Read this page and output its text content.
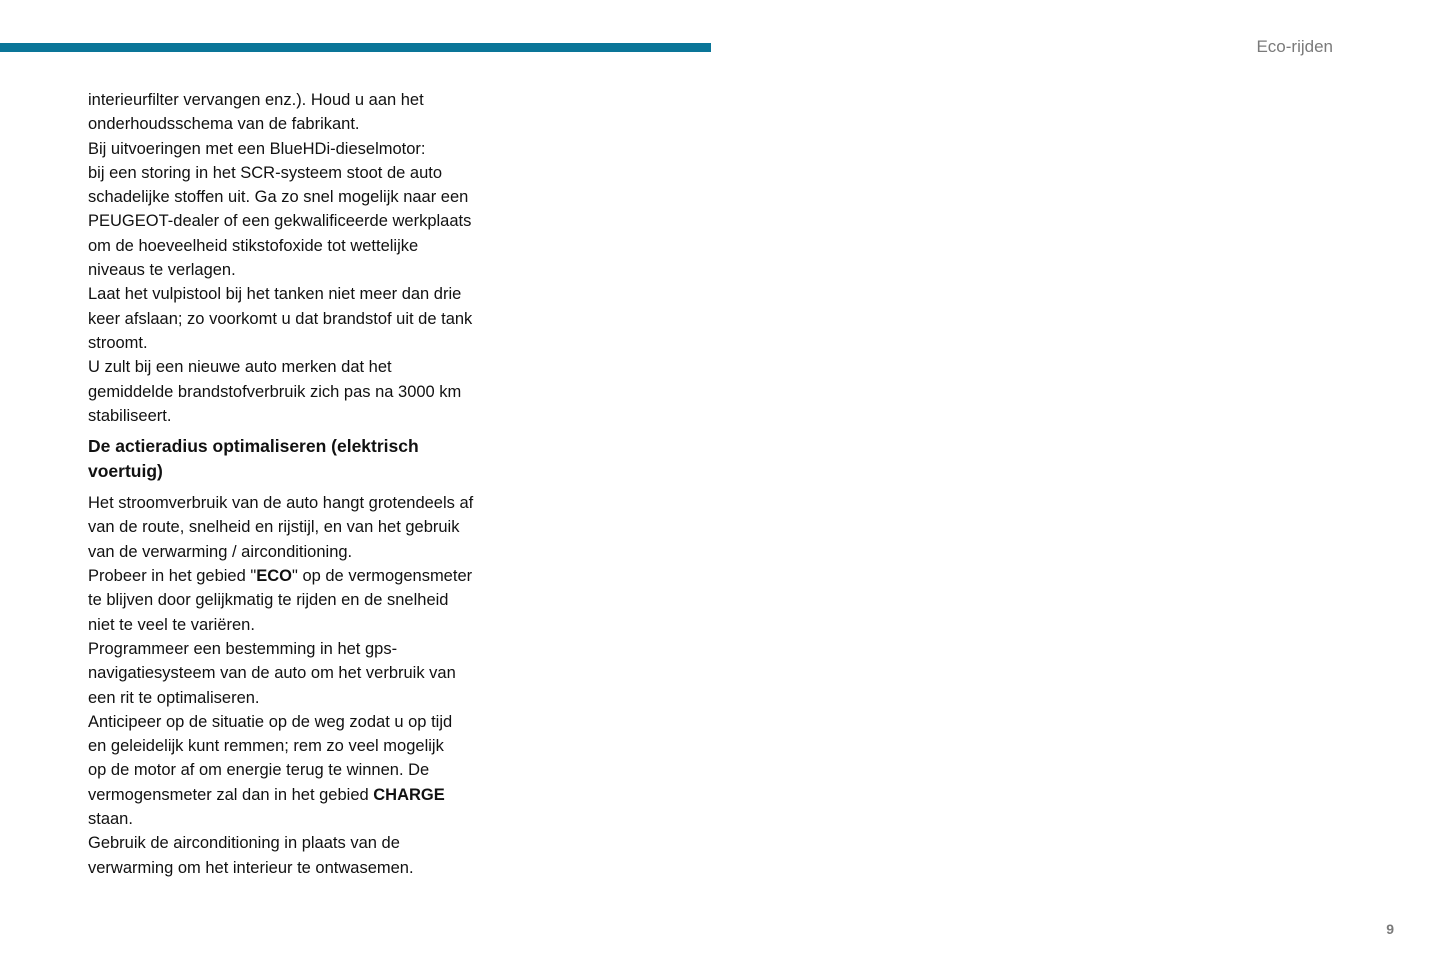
Eco-rijden

interieurfilter vervangen enz.). Houd u aan het
onderhoudsschema van de fabrikant.

Bij uitvoeringen met een BlueHDi-dieselmotor:
bij een storing in het SCR-systeem stoot de auto
schadelijke stoffen uit. Ga zo snel mogelijk naar een
PEUGEOT-dealer of een gekwalificeerde werkplaats
om de hoeveelheid stikstofoxide tot wettelijke
niveaus te verlagen.

Laat het vulpistool bij het tanken niet meer dan drie
keer afslaan; zo voorkomt u dat brandstof uit de tank
stroomt.

U zult bij een nieuwe auto merken dat het
gemiddelde brandstofverbruik zich pas na 3000 km
stabiliseert.

De actieradius optimaliseren (elektrisch
voertuig)

Het stroomverbruik van de auto hangt grotendeels af
van de route, snelheid en rijstijl, en van het gebruik
van de verwarming / airconditioning.

Probeer in het gebied "ECO" op de vermogensmeter
te blijven door gelijkmatig te rijden en de snelheid
niet te veel te variëren.

Programmeer een bestemming in het gps-
navigatiesysteem van de auto om het verbruik van
een rit te optimaliseren.

Anticipeer op de situatie op de weg zodat u op tijd
en geleidelijk kunt remmen; rem zo veel mogelijk
op de motor af om energie terug te winnen. De
vermogensmeter zal dan in het gebied CHARGE
staan.

Gebruik de airconditioning in plaats van de
verwarming om het interieur te ontwasemen.

9
